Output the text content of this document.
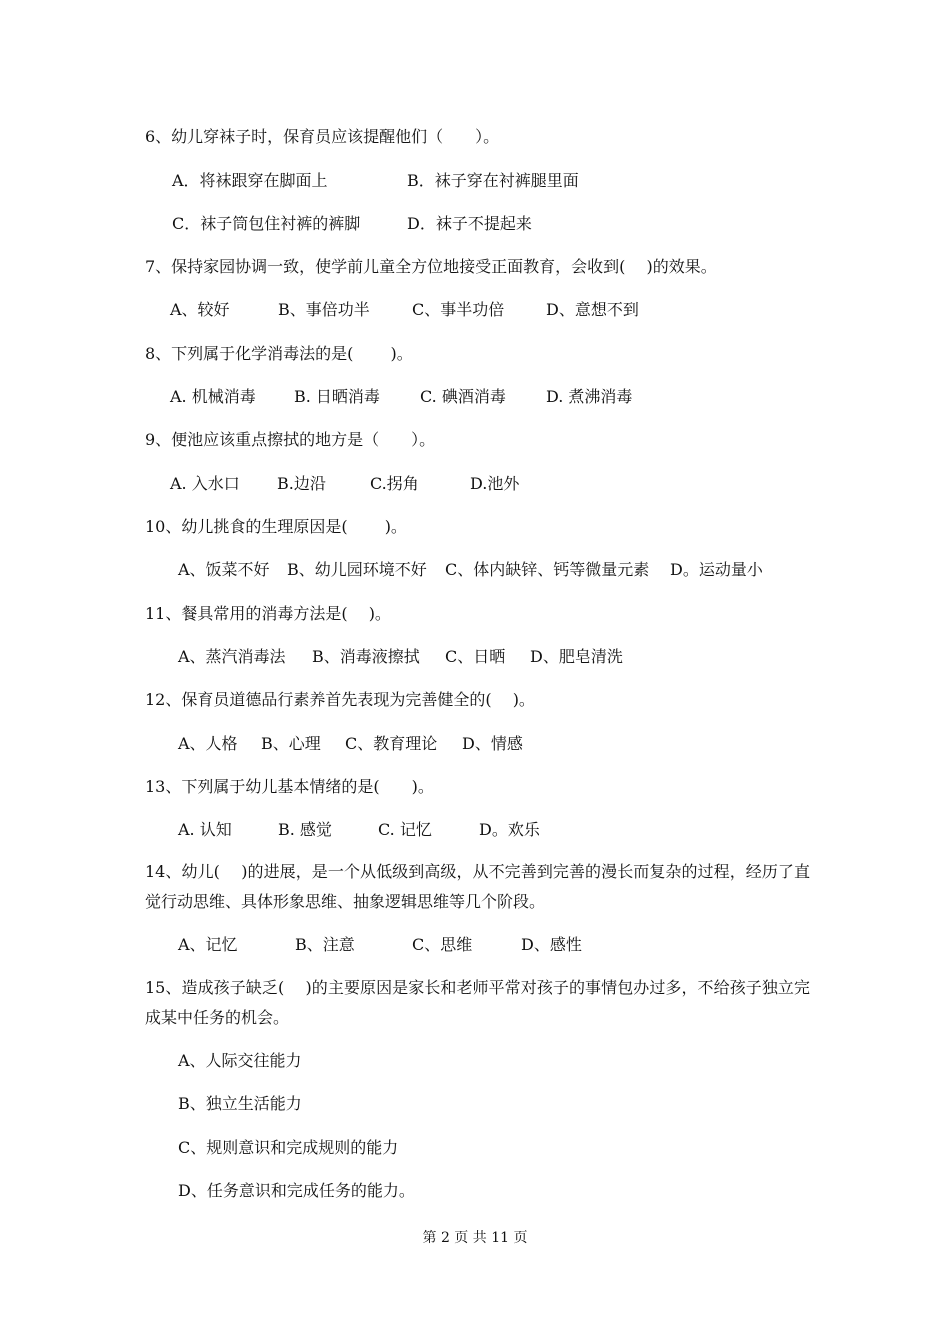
6、幼儿穿袜子时，保育员应该提醒他们（　　）。

A．将袜跟穿在脚面上

	B．袜子穿在衬裤腿里面

C．袜子筒包住衬裤的裤脚

	D．袜子不提起来

7、保持家园协调一致，使学前儿童全方位地接受正面教育，会收到(　 )的效果。

A、较好

	B、事倍功半

	C、事半功倍

	D、意想不到

8、下列属于化学消毒法的是(　　 )。

A. 机械消毒

B. 日晒消毒

	C. 碘酒消毒

	D. 煮沸消毒

9、便池应该重点擦拭的地方是（　　）。

A. 入水口

B.边沿

	C.拐角

	D.池外

10、幼儿挑食的生理原因是(　　 )。

A、饭菜不好

B、幼儿园环境不好

C、体内缺锌、钙等微量元素

D。运动量小

11、餐具常用的消毒方法是( 　)。

A、蒸汽消毒法

B、消毒液擦拭

C、日晒

D、肥皂清洗

12、保育员道德品行素养首先表现为完善健全的(　 )。

A、人格

B、心理

C、教育理论

D、情感

13、下列属于幼儿基本情绪的是(　　)。

A. 认知

	B. 感觉

	C. 记忆

	D。欢乐

14、幼儿(　 )的进展，是一个从低级到高级，从不完善到完善的漫长而复杂的过程，经历了直觉行动思维、具体形象思维、抽象逻辑思维等几个阶段。

A、记忆

	B、注意

	C、思维

	D、感性

15、造成孩子缺乏(　 )的主要原因是家长和老师平常对孩子的事情包办过多，不给孩子独立完成某中任务的机会。
A、人际交往能力
B、独立生活能力
C、规则意识和完成规则的能力
D、任务意识和完成任务的能力。
第 2 页 共 11 页
